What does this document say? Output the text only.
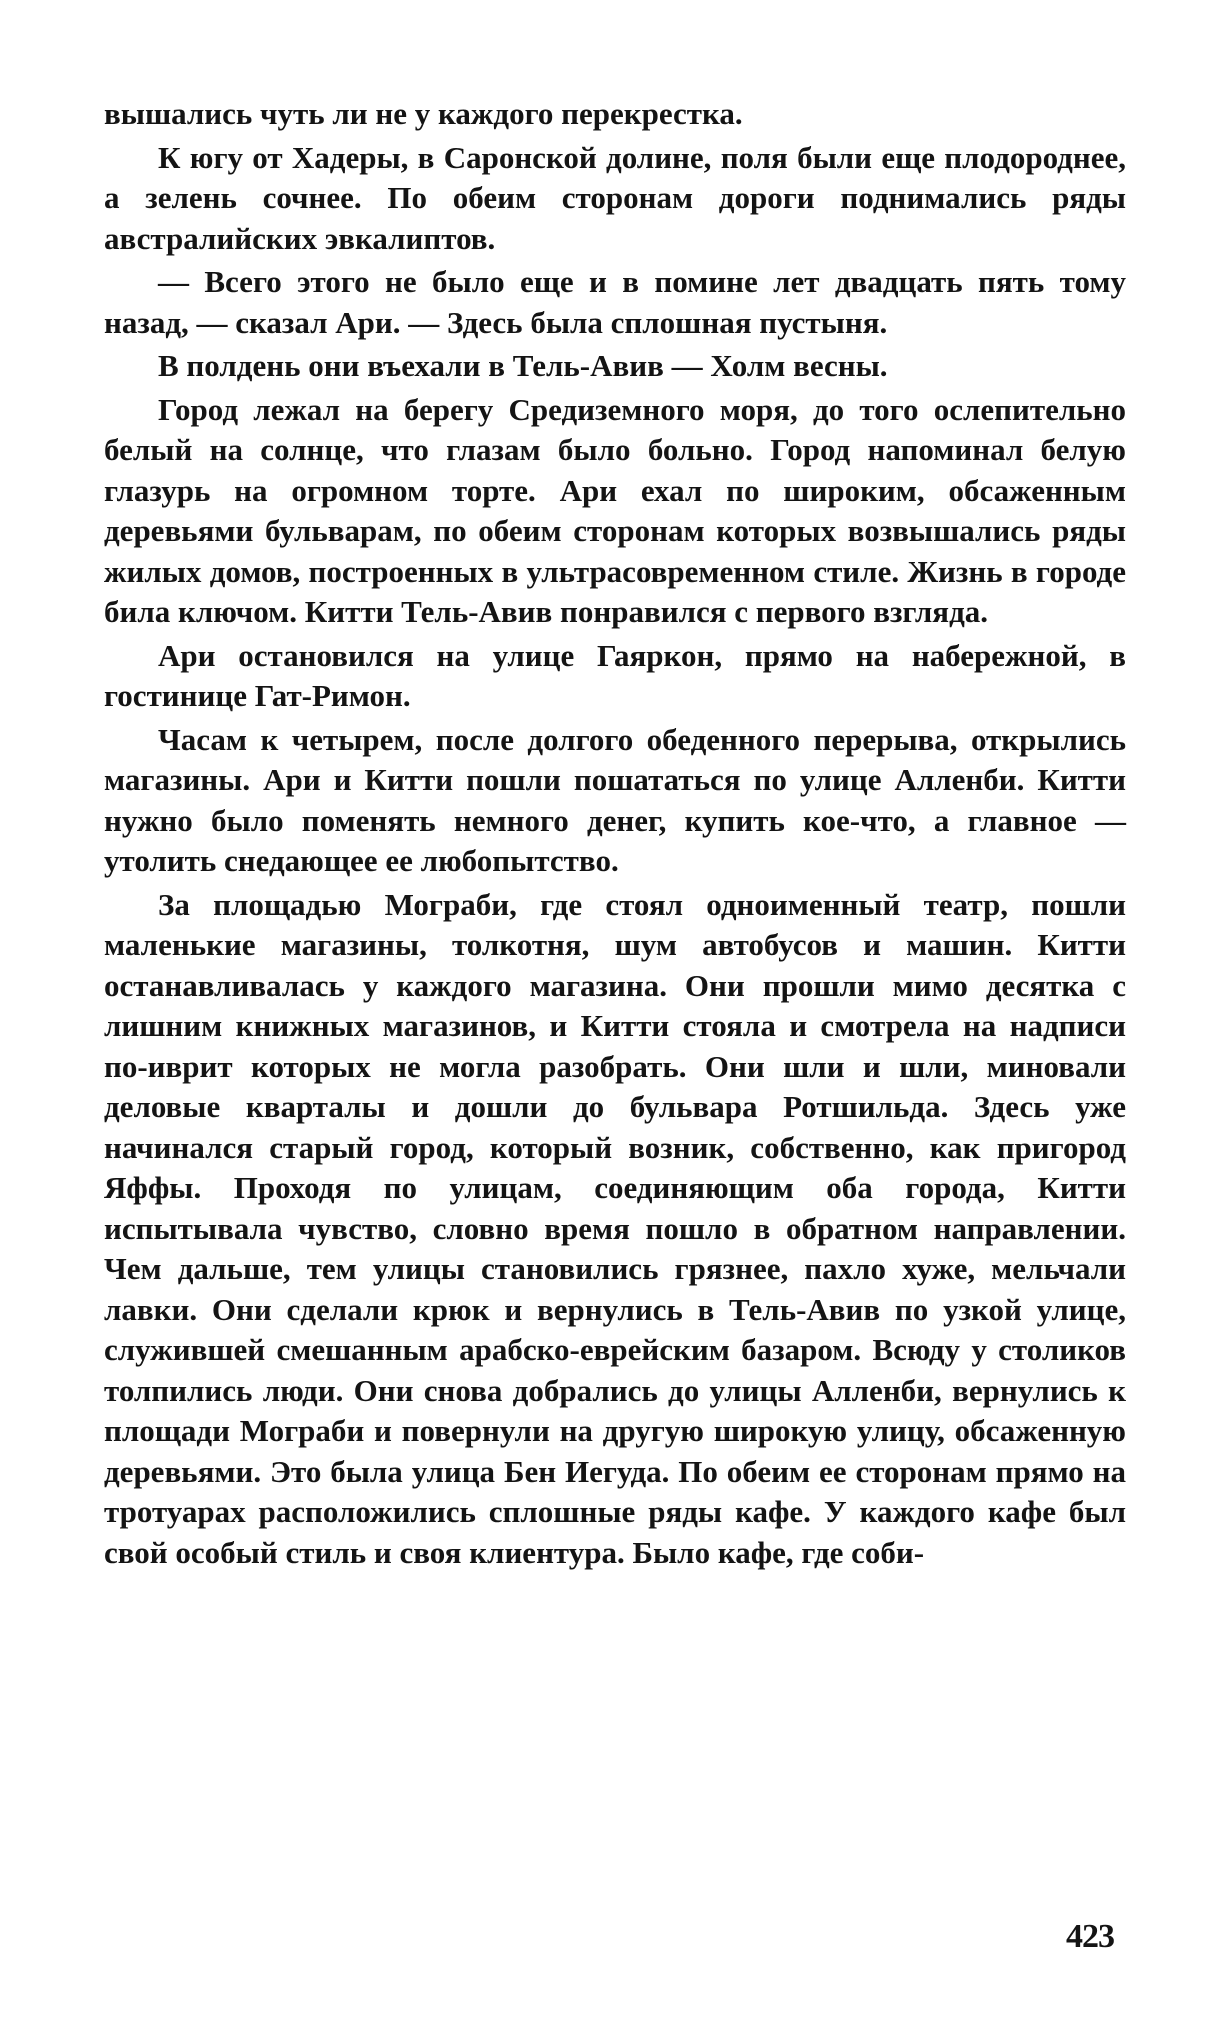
вышались чуть ли не у каждого перекрестка.

К югу от Хадеры, в Саронской долине, поля были еще плодороднее, а зелень сочнее. По обеим сторонам дороги поднимались ряды австралийских эвкалиптов.

— Всего этого не было еще и в помине лет двадцать пять тому назад, — сказал Ари. — Здесь была сплошная пустыня.

В полдень они въехали в Тель-Авив — Холм весны.

Город лежал на берегу Средиземного моря, до того ослепительно белый на солнце, что глазам было больно. Город напоминал белую глазурь на огромном торте. Ари ехал по широким, обсаженным деревьями бульварам, по обеим сторонам которых возвышались ряды жилых домов, построенных в ультрасовременном стиле. Жизнь в городе била ключом. Китти Тель-Авив понравился с первого взгляда.

Ари остановился на улице Гаяркон, прямо на набережной, в гостинице Гат-Римон.

Часам к четырем, после долгого обеденного перерыва, открылись магазины. Ари и Китти пошли пошататься по улице Алленби. Китти нужно было поменять немного денег, купить кое-что, а главное — утолить снедающее ее любопытство.

За площадью Мограби, где стоял одноименный театр, пошли маленькие магазины, толкотня, шум автобусов и машин. Китти останавливалась у каждого магазина. Они прошли мимо десятка с лишним книжных магазинов, и Китти стояла и смотрела на надписи по-иврит которых не могла разобрать. Они шли и шли, миновали деловые кварталы и дошли до бульвара Ротшильда. Здесь уже начинался старый город, который возник, собственно, как пригород Яффы. Проходя по улицам, соединяющим оба города, Китти испытывала чувство, словно время пошло в обратном направлении. Чем дальше, тем улицы становились грязнее, пахло хуже, мельчали лавки. Они сделали крюк и вернулись в Тель-Авив по узкой улице, служившей смешанным арабско-еврейским базаром. Всюду у столиков толпились люди. Они снова добрались до улицы Алленби, вернулись к площади Мограби и повернули на другую широкую улицу, обсаженную деревьями. Это была улица Бен Иегуда. По обеим ее сторонам прямо на тротуарах расположились сплошные ряды кафе. У каждого кафе был свой особый стиль и своя клиентура. Было кафе, где соби-

423
